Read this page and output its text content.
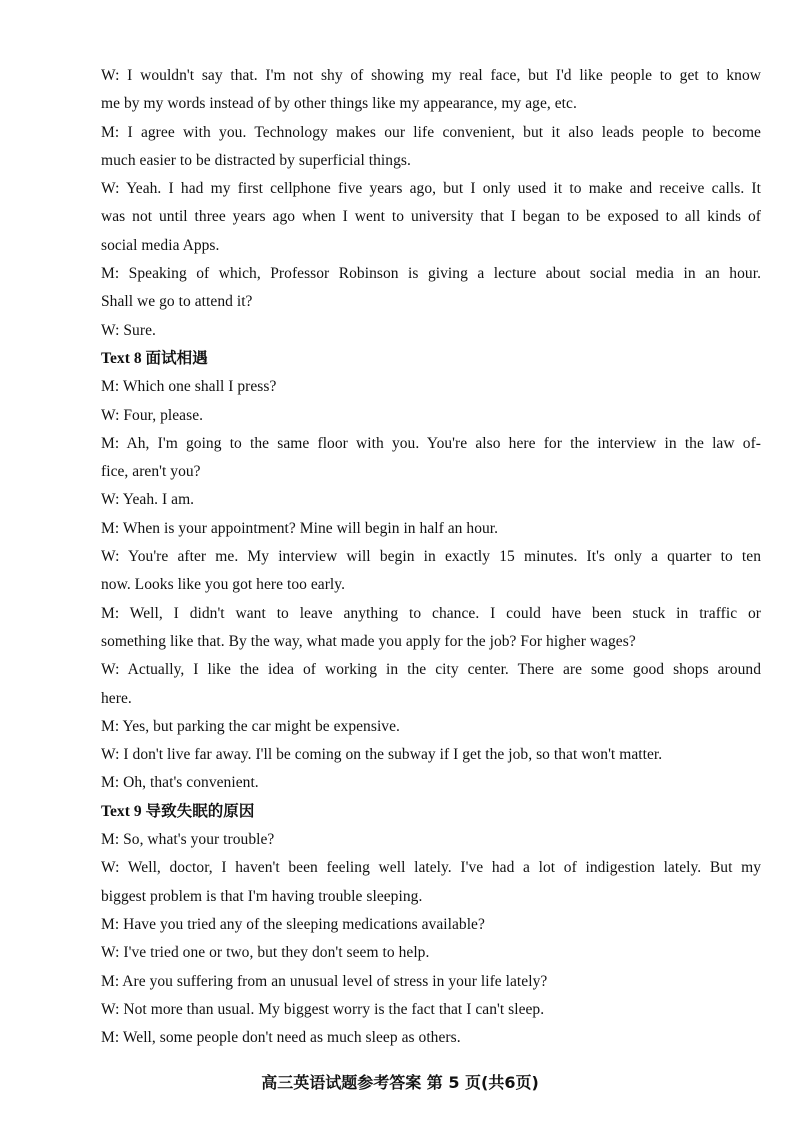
W: I wouldn't say that. I'm not shy of showing my real face, but I'd like people to get to know
me by my words instead of by other things like my appearance, my age, etc.
M: I agree with you. Technology makes our life convenient, but it also leads people to become
much easier to be distracted by superficial things.
W: Yeah. I had my first cellphone five years ago, but I only used it to make and receive calls. It
was not until three years ago when I went to university that I began to be exposed to all kinds of
social media Apps.
M: Speaking of which, Professor Robinson is giving a lecture about social media in an hour.
Shall we go to attend it?
W: Sure.
Text 8 面试相遇
M: Which one shall I press?
W: Four, please.
M: Ah, I'm going to the same floor with you. You're also here for the interview in the law of-
fice, aren't you?
W: Yeah. I am.
M: When is your appointment? Mine will begin in half an hour.
W: You're after me. My interview will begin in exactly 15 minutes. It's only a quarter to ten
now. Looks like you got here too early.
M: Well, I didn't want to leave anything to chance. I could have been stuck in traffic or
something like that. By the way, what made you apply for the job? For higher wages?
W: Actually, I like the idea of working in the city center. There are some good shops around
here.
M: Yes, but parking the car might be expensive.
W: I don't live far away. I'll be coming on the subway if I get the job, so that won't matter.
M: Oh, that's convenient.
Text 9 导致失眠的原因
M: So, what's your trouble?
W: Well, doctor, I haven't been feeling well lately. I've had a lot of indigestion lately. But my
biggest problem is that I'm having trouble sleeping.
M: Have you tried any of the sleeping medications available?
W: I've tried one or two, but they don't seem to help.
M: Are you suffering from an unusual level of stress in your life lately?
W: Not more than usual. My biggest worry is the fact that I can't sleep.
M: Well, some people don't need as much sleep as others.
高三英语试题参考答案 第 5 页(共6页)
